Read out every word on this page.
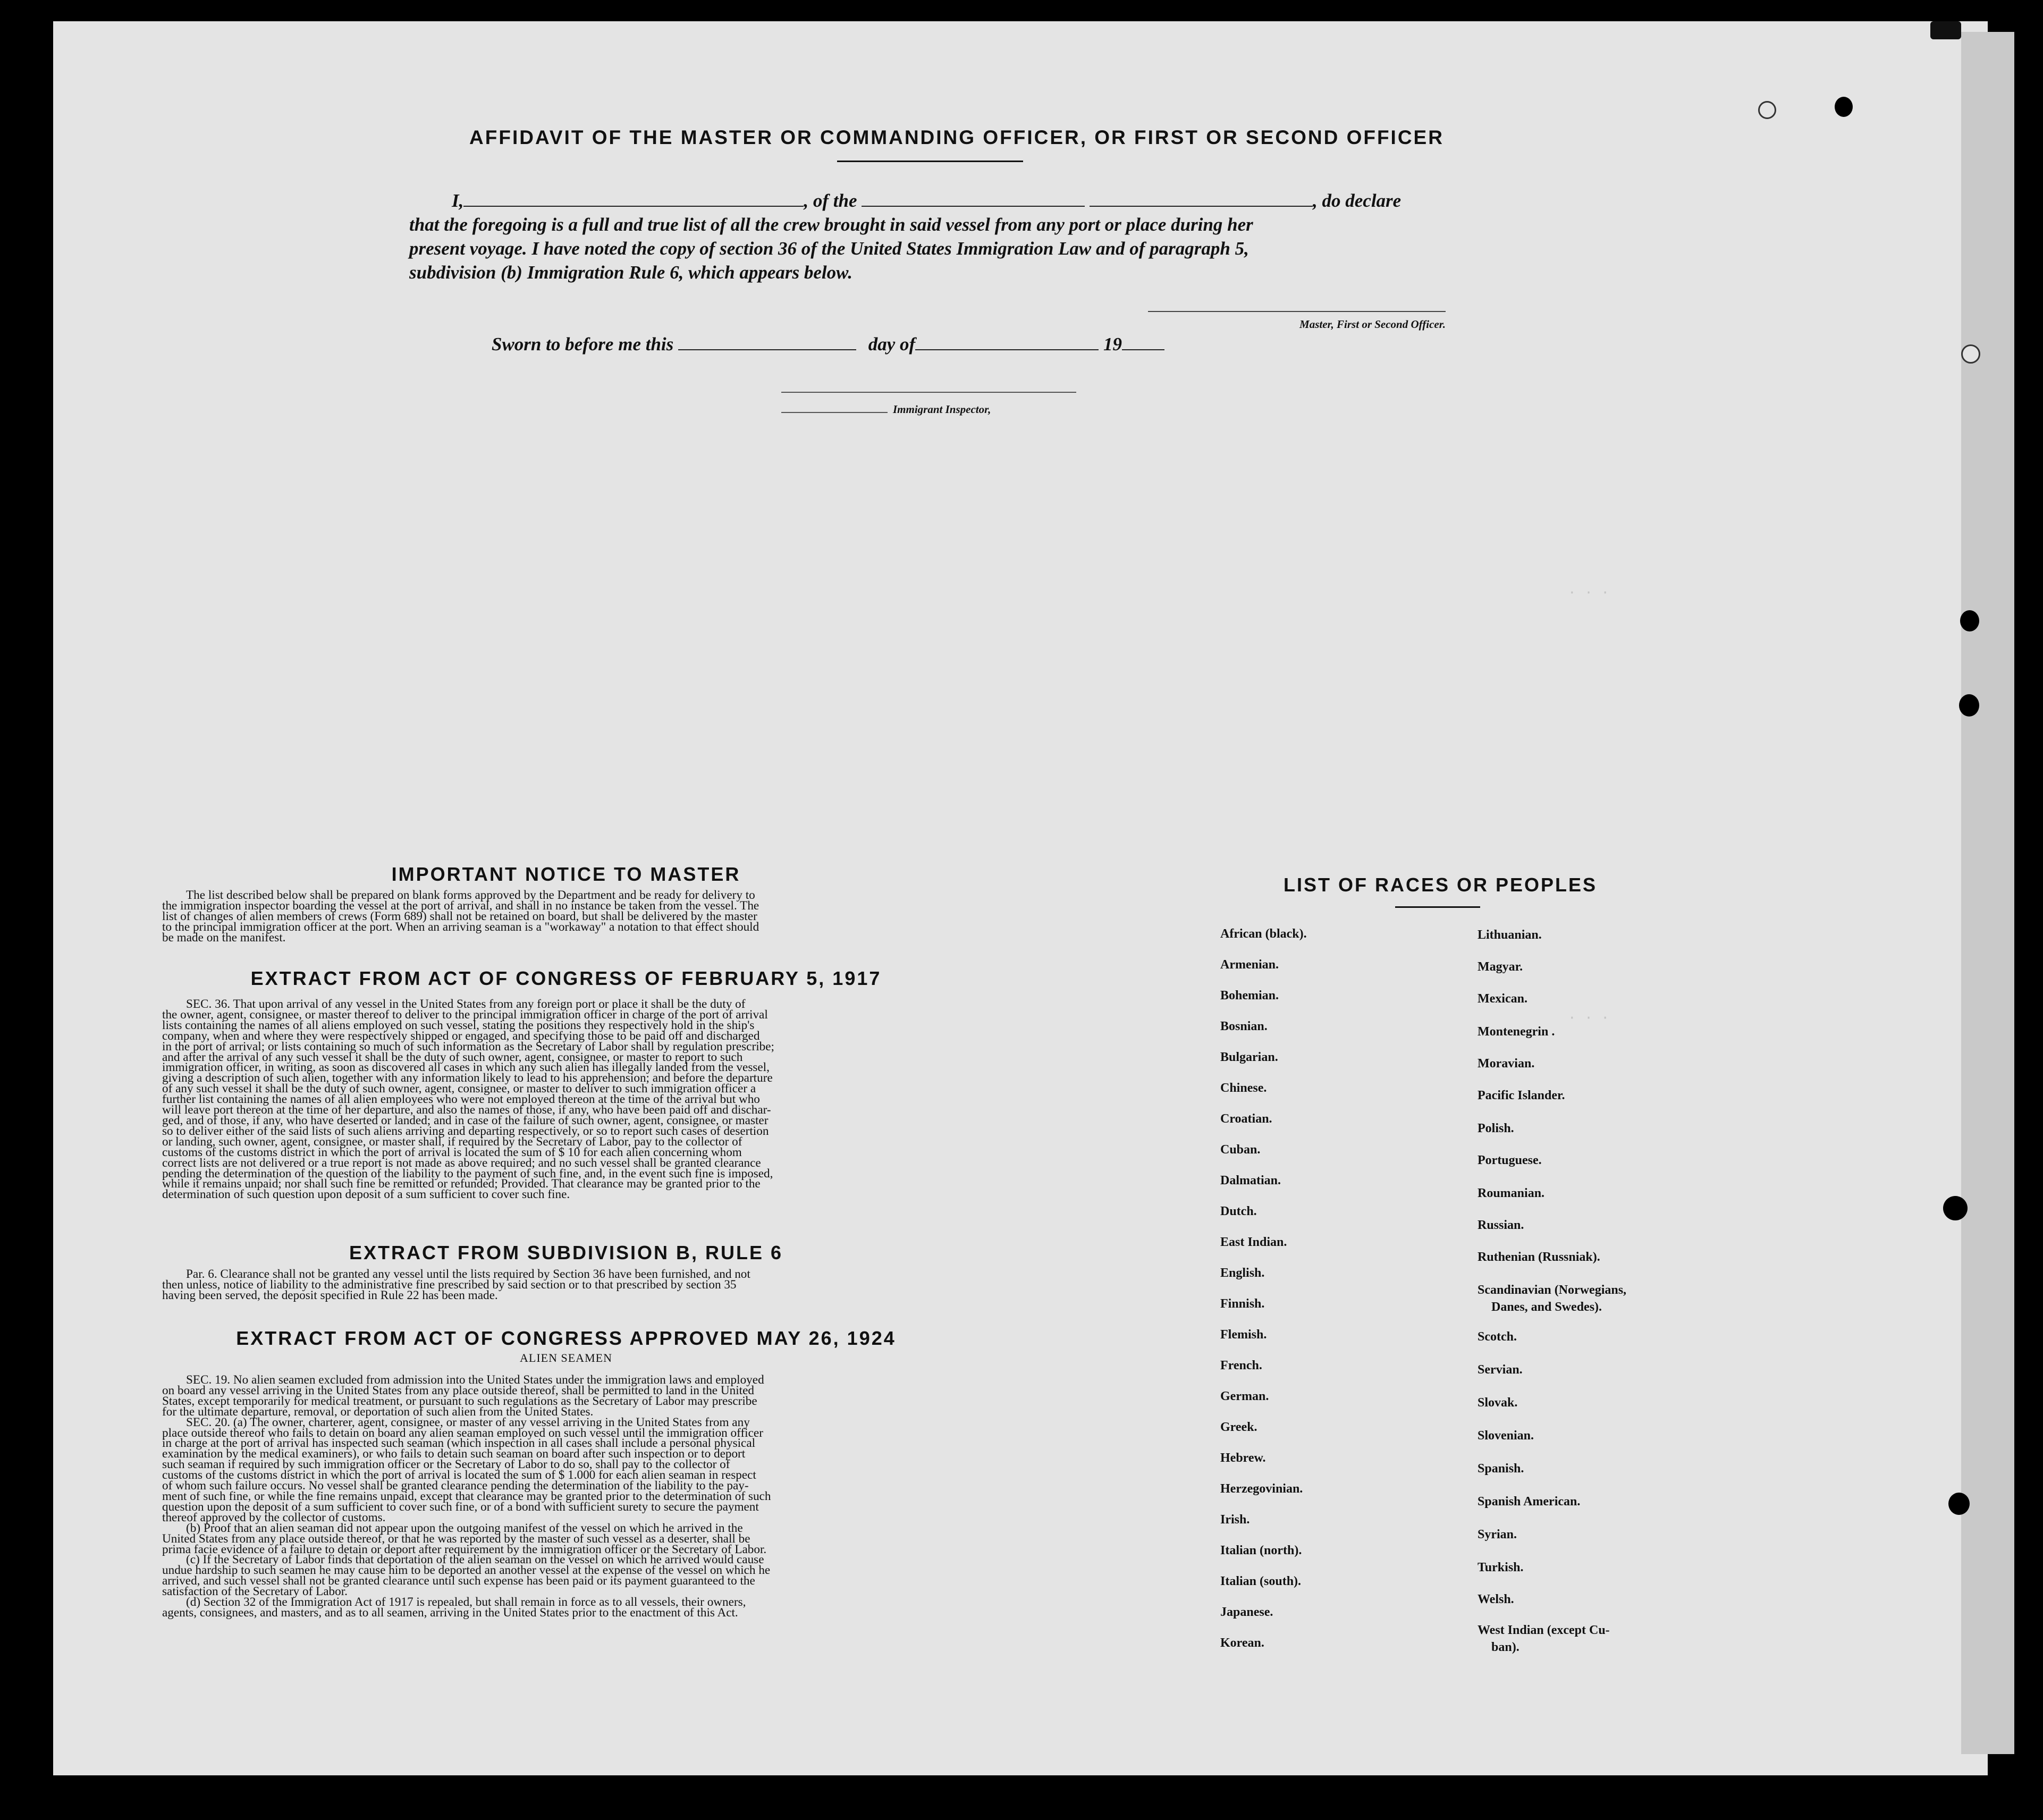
· · ·
· · ·
AFFIDAVIT OF THE MASTER OR COMMANDING OFFICER, OR FIRST OR SECOND OFFICER
I,	, of the	, do declare
that the foregoing is a full and true list of all the crew brought in said vessel from any port or place during her
present voyage. I have noted the copy of section 36 of the United States Immigration Law and of paragraph 5,
subdivision (b) Immigration Rule 6, which appears below.
Master, First or Second Officer.
Sworn to before me this	day of	19
Immigrant Inspector,
IMPORTANT NOTICE TO MASTER
The list described below shall be prepared on blank forms approved by the Department and be ready for delivery to
the immigration inspector boarding the vessel at the port of arrival, and shall in no instance be taken from the vessel. The
list of changes of alien members of crews (Form 689) shall not be retained on board, but shall be delivered by the master
to the principal immigration officer at the port. When an arriving seaman is a "workaway" a notation to that effect should
be made on the manifest.
EXTRACT FROM ACT OF CONGRESS OF FEBRUARY 5, 1917
SEC. 36. That upon arrival of any vessel in the United States from any foreign port or place it shall be the duty of
the owner, agent, consignee, or master thereof to deliver to the principal immigration officer in charge of the port of arrival
lists containing the names of all aliens employed on such vessel, stating the positions they respectively hold in the ship's
company, when and where they were respectively shipped or engaged, and specifying those to be paid off and discharged
in the port of arrival; or lists containing so much of such information as the Secretary of Labor shall by regulation prescribe;
and after the arrival of any such vessel it shall be the duty of such owner, agent, consignee, or master to report to such
immigration officer, in writing, as soon as discovered all cases in which any such alien has illegally landed from the vessel,
giving a description of such alien, together with any information likely to lead to his apprehension; and before the departure
of any such vessel it shall be the duty of such owner, agent, consignee, or master to deliver to such immigration officer a
further list containing the names of all alien employees who were not employed thereon at the time of the arrival but who
will leave port thereon at the time of her departure, and also the names of those, if any, who have been paid off and dischar-
ged, and of those, if any, who have deserted or landed; and in case of the failure of such owner, agent, consignee, or master
so to deliver either of the said lists of such aliens arriving and departing respectively, or so to report such cases of desertion
or landing, such owner, agent, consignee, or master shall, if required by the Secretary of Labor, pay to the collector of
customs of the customs district in which the port of arrival is located the sum of $ 10 for each alien concerning whom
correct lists are not delivered or a true report is not made as above required; and no such vessel shall be granted clearance
pending the determination of the question of the liability to the payment of such fine, and, in the event such fine is imposed,
while it remains unpaid; nor shall such fine be remitted or refunded; Provided. That clearance may be granted prior to the
determination of such question upon deposit of a sum sufficient to cover such fine.
EXTRACT FROM SUBDIVISION B, RULE 6
Par. 6. Clearance shall not be granted any vessel until the lists required by Section 36 have been furnished, and not
then unless, notice of liability to the administrative fine prescribed by said section or to that prescribed by section 35
having been served, the deposit specified in Rule 22 has been made.
EXTRACT FROM ACT OF CONGRESS APPROVED MAY 26, 1924
ALIEN SEAMEN
SEC. 19. No alien seamen excluded from admission into the United States under the immigration laws and employed
on board any vessel arriving in the United States from any place outside thereof, shall be permitted to land in the United
States, except temporarily for medical treatment, or pursuant to such regulations as the Secretary of Labor may prescribe
for the ultimate departure, removal, or deportation of such alien from the United States.
SEC. 20. (a) The owner, charterer, agent, consignee, or master of any vessel arriving in the United States from any
place outside thereof who fails to detain on board any alien seaman employed on such vessel until the immigration officer
in charge at the port of arrival has inspected such seaman (which inspection in all cases shall include a personal physical
examination by the medical examiners), or who fails to detain such seaman on board after such inspection or to deport
such seaman if required by such immigration officer or the Secretary of Labor to do so, shall pay to the collector of
customs of the customs district in which the port of arrival is located the sum of $ 1.000 for each alien seaman in respect
of whom such failure occurs. No vessel shall be granted clearance pending the determination of the liability to the pay-
ment of such fine, or while the fine remains unpaid, except that clearance may be granted prior to the determination of such
question upon the deposit of a sum sufficient to cover such fine, or of a bond with sufficient surety to secure the payment
thereof approved by the collector of customs.
(b) Proof that an alien seaman did not appear upon the outgoing manifest of the vessel on which he arrived in the
United States from any place outside thereof, or that he was reported by the master of such vessel as a deserter, shall be
prima facie evidence of a failure to detain or deport after requirement by the immigration officer or the Secretary of Labor.
(c) If the Secretary of Labor finds that deportation of the alien seaman on the vessel on which he arrived would cause
undue hardship to such seamen he may cause him to be deported an another vessel at the expense of the vessel on which he
arrived, and such vessel shall not be granted clearance until such expense has been paid or its payment guaranteed to the
satisfaction of the Secretary of Labor.
(d) Section 32 of the Immigration Act of 1917 is repealed, but shall remain in force as to all vessels, their owners,
agents, consignees, and masters, and as to all seamen, arriving in the United States prior to the enactment of this Act.
LIST OF RACES OR PEOPLES
African (black).
Armenian.
Bohemian.
Bosnian.
Bulgarian.
Chinese.
Croatian.
Cuban.
Dalmatian.
Dutch.
East Indian.
English.
Finnish.
Flemish.
French.
German.
Greek.
Hebrew.
Herzegovinian.
Irish.
Italian (north).
Italian (south).
Japanese.
Korean.
Lithuanian.
Magyar.
Mexican.
Montenegrin .
Moravian.
Pacific Islander.
Polish.
Portuguese.
Roumanian.
Russian.
Ruthenian (Russniak).
Scandinavian (Norwegians,
Danes, and Swedes).
Scotch.
Servian.
Slovak.
Slovenian.
Spanish.
Spanish American.
Syrian.
Turkish.
Welsh.
West Indian (except Cu-
ban).
